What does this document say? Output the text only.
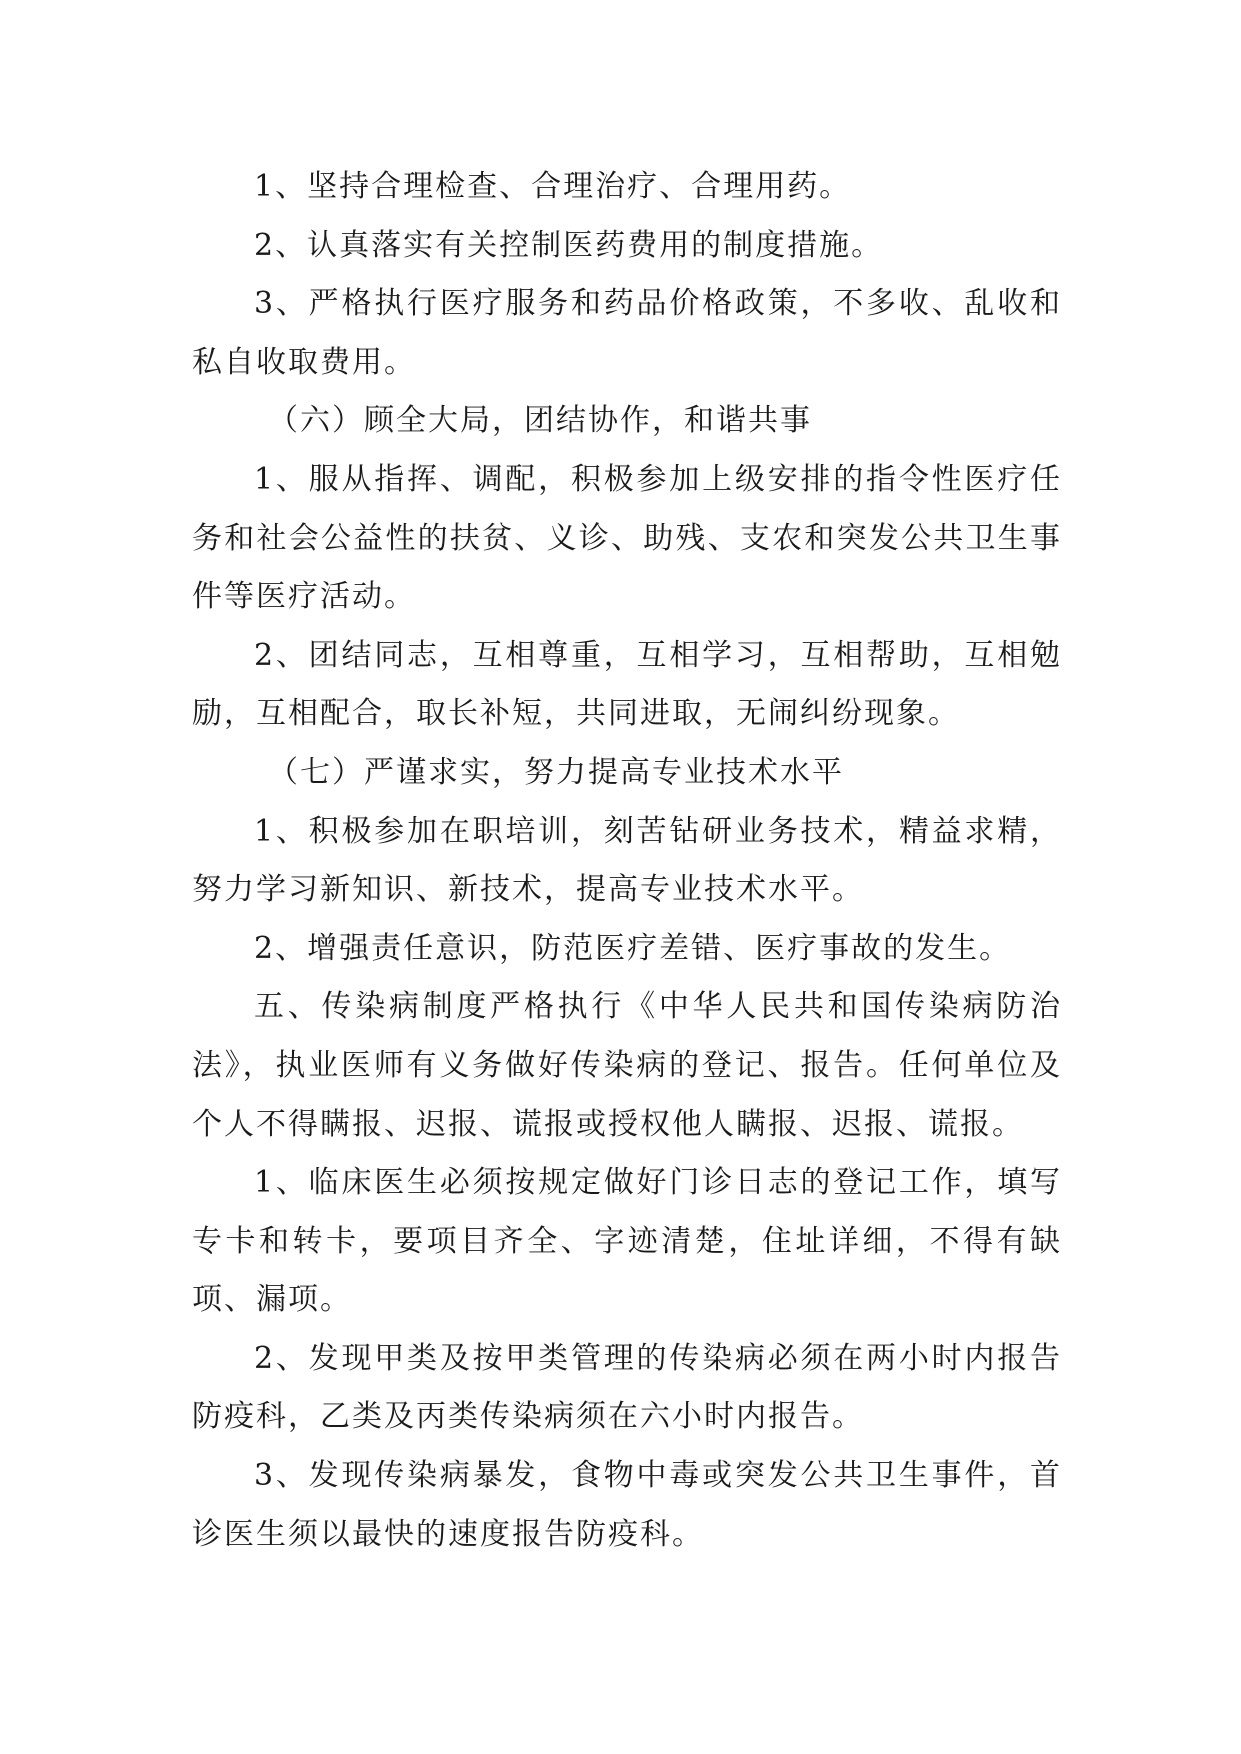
1、坚持合理检查、合理治疗、合理用药。

2、认真落实有关控制医药费用的制度措施。

3、严格执行医疗服务和药品价格政策，不多收、乱收和私自收取费用。

（六）顾全大局，团结协作，和谐共事

1、服从指挥、调配，积极参加上级安排的指令性医疗任务和社会公益性的扶贫、义诊、助残、支农和突发公共卫生事件等医疗活动。

2、团结同志，互相尊重，互相学习，互相帮助，互相勉励，互相配合，取长补短，共同进取，无闹纠纷现象。

（七）严谨求实，努力提高专业技术水平

1、积极参加在职培训，刻苦钻研业务技术，精益求精，努力学习新知识、新技术，提高专业技术水平。

2、增强责任意识，防范医疗差错、医疗事故的发生。

五、传染病制度严格执行《中华人民共和国传染病防治法》，执业医师有义务做好传染病的登记、报告。任何单位及个人不得瞒报、迟报、谎报或授权他人瞒报、迟报、谎报。

1、临床医生必须按规定做好门诊日志的登记工作，填写专卡和转卡，要项目齐全、字迹清楚，住址详细，不得有缺项、漏项。

2、发现甲类及按甲类管理的传染病必须在两小时内报告防疫科，乙类及丙类传染病须在六小时内报告。

3、发现传染病暴发，食物中毒或突发公共卫生事件，首诊医生须以最快的速度报告防疫科。
